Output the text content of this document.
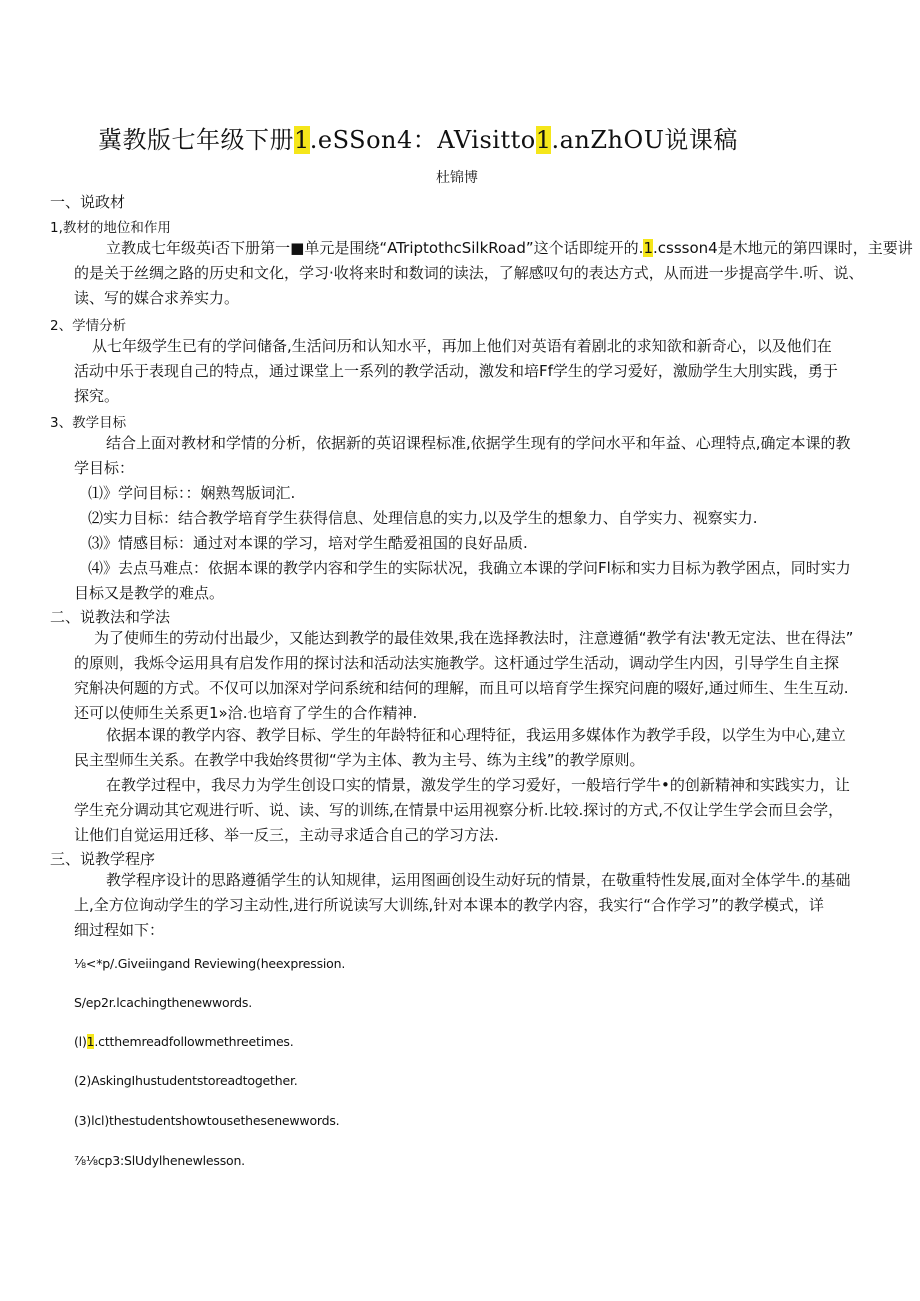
冀教版七年级下册1.eSSon4：AVisitto1.anZhOU说课稿
杜锦博
一、说政材
1,教材的地位和作用

立教成七年级英i否下册第一■单元是围绕“ATriptothcSilkRoad”这个话即绽开的.1.cssson4是木地元的第四课时，主要讲

的是关于丝绸之路的历史和文化，学习·收将来时和数词的读法，了解感叹句的表达方式，从而进一步提高学牛.听、说、

读、写的媒合求养实力。

2、学情分析

从七年级学生已有的学问储备,生活问历和认知水平，再加上他们对英语有着剧北的求知欲和新奇心，以及他们在

活动中乐于表现自己的特点，通过课堂上一系列的教学活动，激发和培Ff学生的学习爱好，激励学生大刖实践，勇于

探究。

3、教学目标

结合上面对教材和学情的分析，依据新的英诏课程标准,依据学生现有的学问水平和年益、心理特点,确定本课的教

学目标：

⑴》学问目标：：娴熟驾版词汇.

⑵实力目标：结合教学培育学生获得信息、处理信息的实力,以及学生的想象力、自学实力、视察实力.

⑶》情感目标：通过对本课的学习，培对学生酷爱祖国的良好品质.

⑷》去点马难点：依据本课的教学内容和学生的实际状况，我确立本课的学问Fl标和实力目标为教学困点，同时实力

目标又是教学的难点。

二、说教法和学法

为了使师生的劳动付出最少，又能达到教学的最佳效果,我在选择教法时，注意遵循“教学有法'教无定法、世在得法”

的原则，我烁令运用具有启发作用的探讨法和活动法实施教学。这杆通过学生活动，调动学生内因，引导学生自主探

究斛决何题的方式。不仅可以加深对学问系统和结何的理解，而且可以培育学生探究问鹿的啜好,通过师生、生生互动.

还可以使师生关系更1»洽.也培育了学生的合作精神.

依据本课的教学内容、教学目标、学生的年龄特征和心理特征，我运用多媒体作为教学手段，以学生为中心,建立

民主型师生关系。在教学中我始终贯彻“学为主体、教为主号、练为主线”的教学原则。

在教学过程中，我尽力为学生创设口实的情景，激发学生的学习爱好，一般培行学牛•的创新精神和实践实力，让

学生充分调动其它观进行听、说、读、写的训练,在情景中运用视察分析.比较.探讨的方式,不仅让学生学会而旦会学，

让他们自觉运用迁移、举一反三，主动寻求适合自己的学习方法.

三、说教学程序

教学程序设计的思路遵循学生的认知规律，运用图画创设生动好玩的情景，在敬重特性发展,面对全体学牛.的基础

上,全方位询动学生的学习主动性,进行所说读写大训练,针对本课本的教学内容，我实行“合作学习”的教学模式，详

细过程如下：

⅛<*p∕.Giveiingand Reviewing(heexpression.
S∕ep2r.lcachingthenewwords.
(l)1.ctthemreadfollowmethreetimes.
(2)AskingIhustudentstoreadtogether.
(3)lcl)thestudentshowtousethesenewwords.
⅞⅛cp3:SlUdylhenewlesson.
